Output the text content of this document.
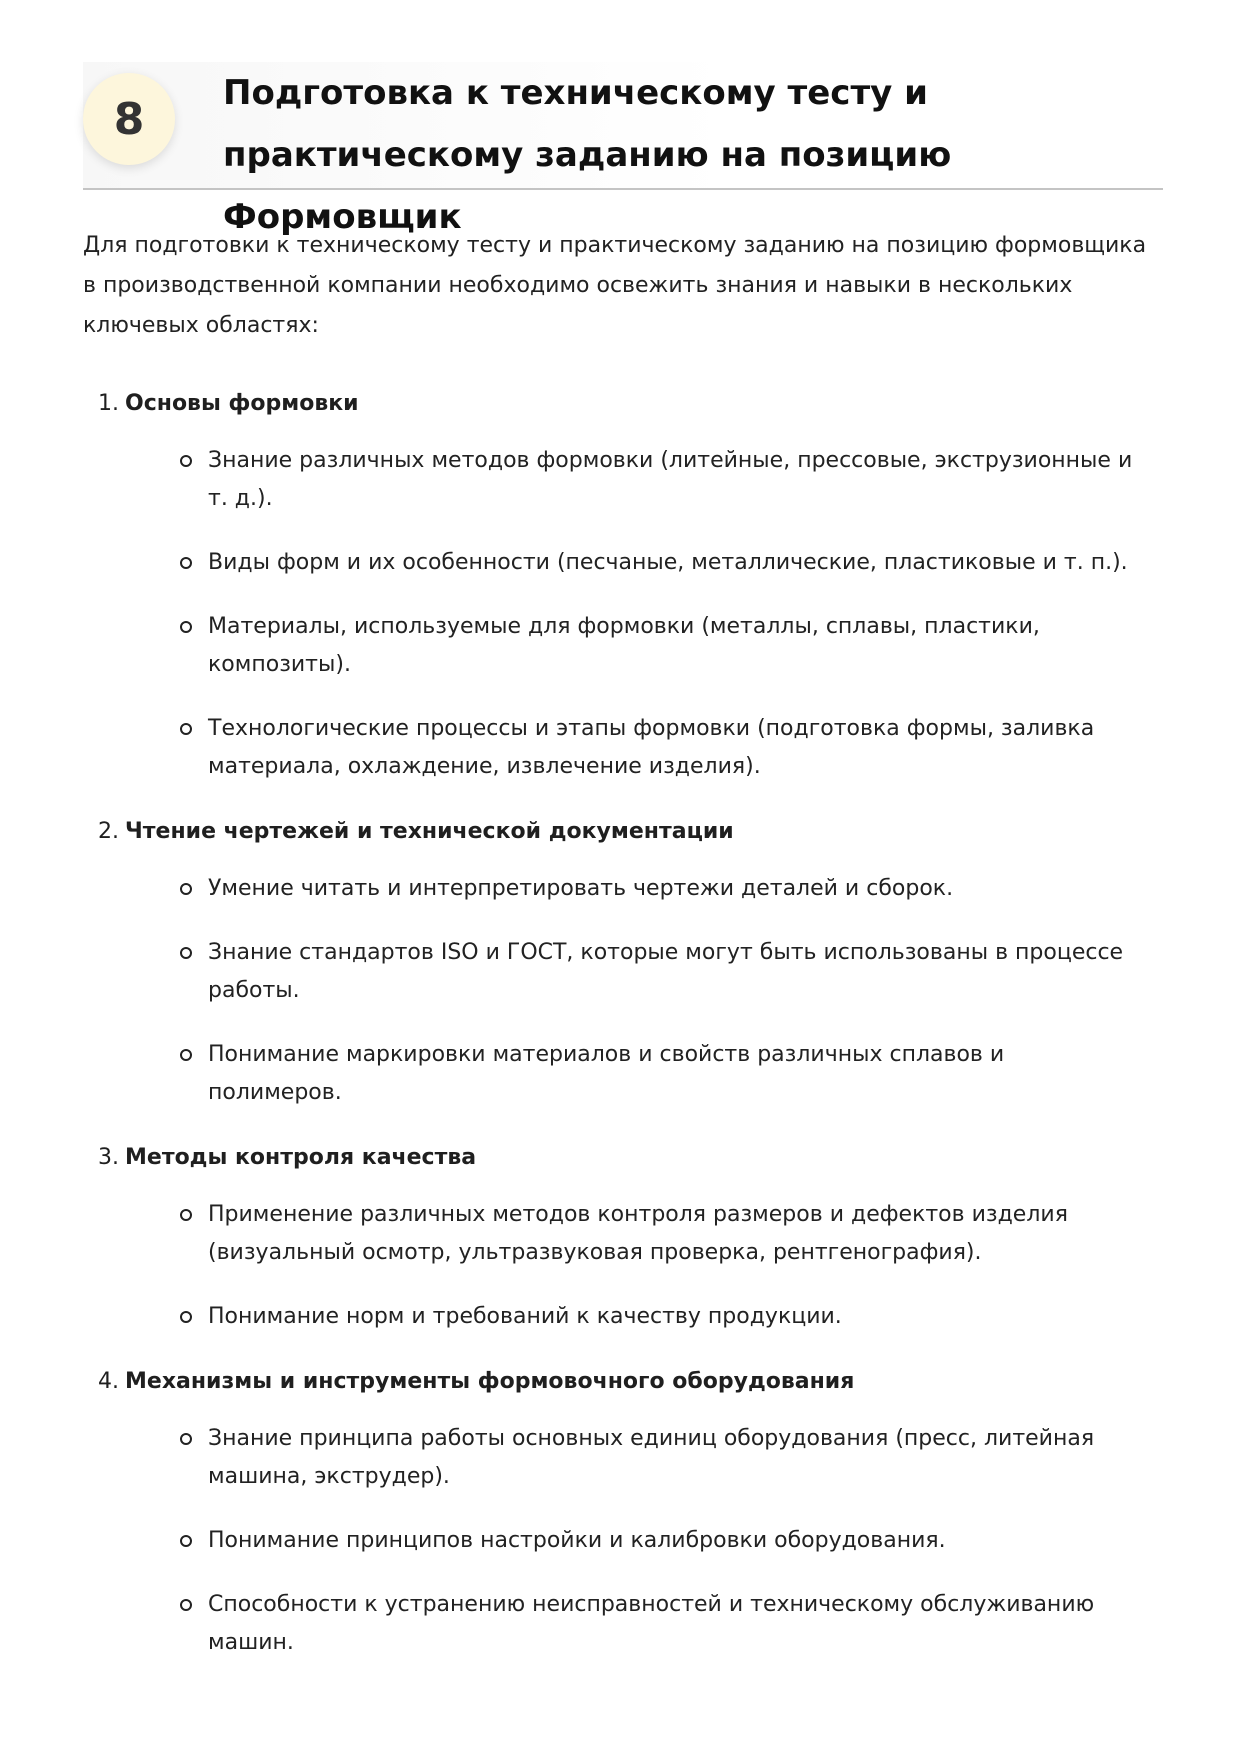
8
Подготовка к техническому тесту и практическому заданию на позицию Формовщик

Для подготовки к техническому тесту и практическому заданию на позицию формовщика в производственной компании необходимо освежить знания и навыки в нескольких ключевых областях:

1. Основы формовки
Знание различных методов формовки (литейные, прессовые, экструзионные и т. д.).
Виды форм и их особенности (песчаные, металлические, пластиковые и т. п.).
Материалы, используемые для формовки (металлы, сплавы, пластики, композиты).
Технологические процессы и этапы формовки (подготовка формы, заливка материала, охлаждение, извлечение изделия).
2. Чтение чертежей и технической документации
Умение читать и интерпретировать чертежи деталей и сборок.
Знание стандартов ISO и ГОСТ, которые могут быть использованы в процессе работы.
Понимание маркировки материалов и свойств различных сплавов и полимеров.
3. Методы контроля качества
Применение различных методов контроля размеров и дефектов изделия (визуальный осмотр, ультразвуковая проверка, рентгенография).
Понимание норм и требований к качеству продукции.
4. Механизмы и инструменты формовочного оборудования
Знание принципа работы основных единиц оборудования (пресс, литейная машина, экструдер).
Понимание принципов настройки и калибровки оборудования.
Способности к устранению неисправностей и техническому обслуживанию машин.
